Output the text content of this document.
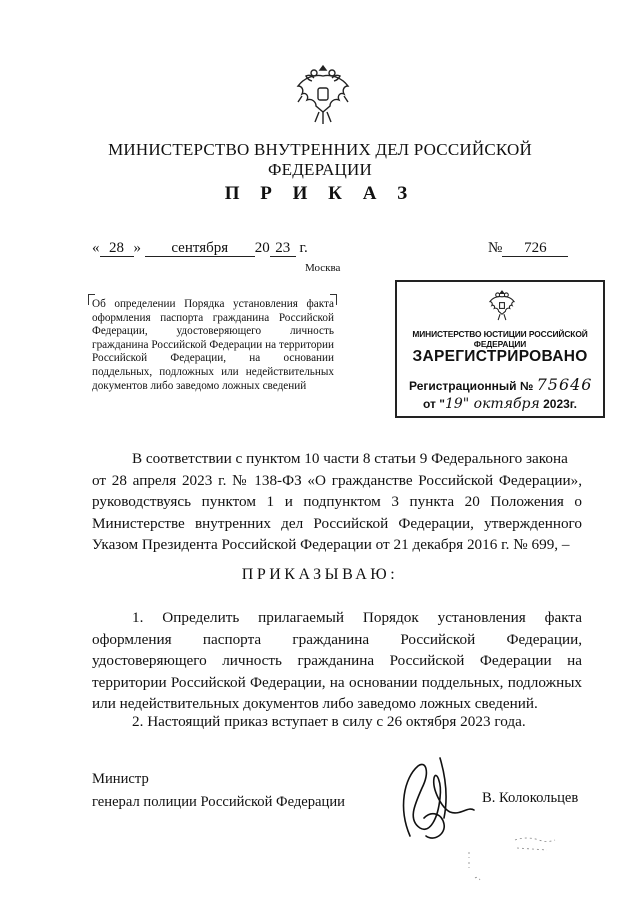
МИНИСТЕРСТВО ВНУТРЕННИХ ДЕЛ РОССИЙСКОЙ ФЕДЕРАЦИИ
П Р И К А З
« 28 » сентября 20 23 г.	№ 726
Москва
Об определении Порядка установления факта оформления паспорта гражданина Российской Федерации, удостоверяющего личность гражданина Российской Федерации на территории Российской Федерации, на основании поддельных, подложных или недействительных документов либо заведомо ложных сведений
МИНИСТЕРСТВО ЮСТИЦИИ РОССИЙСКОЙ ФЕДЕРАЦИИ
ЗАРЕГИСТРИРОВАНО
Регистрационный № 75646
от "19" октября 2023г.
В соответствии с пунктом 10 части 8 статьи 9 Федерального закона
от 28 апреля 2023 г. № 138-ФЗ «О гражданстве Российской Федерации», руководствуясь пунктом 1 и подпунктом 3 пункта 20 Положения о Министерстве внутренних дел Российской Федерации, утвержденного Указом Президента Российской Федерации от 21 декабря 2016 г. № 699, –
ПРИКАЗЫВАЮ:
1. Определить прилагаемый Порядок установления факта оформления паспорта гражданина Российской Федерации, удостоверяющего личность гражданина Российской Федерации на территории Российской Федерации, на основании поддельных, подложных или недействительных документов либо заведомо ложных сведений.
2. Настоящий приказ вступает в силу с 26 октября 2023 года.
Министр
генерал полиции Российской Федерации	В. Колокольцев
